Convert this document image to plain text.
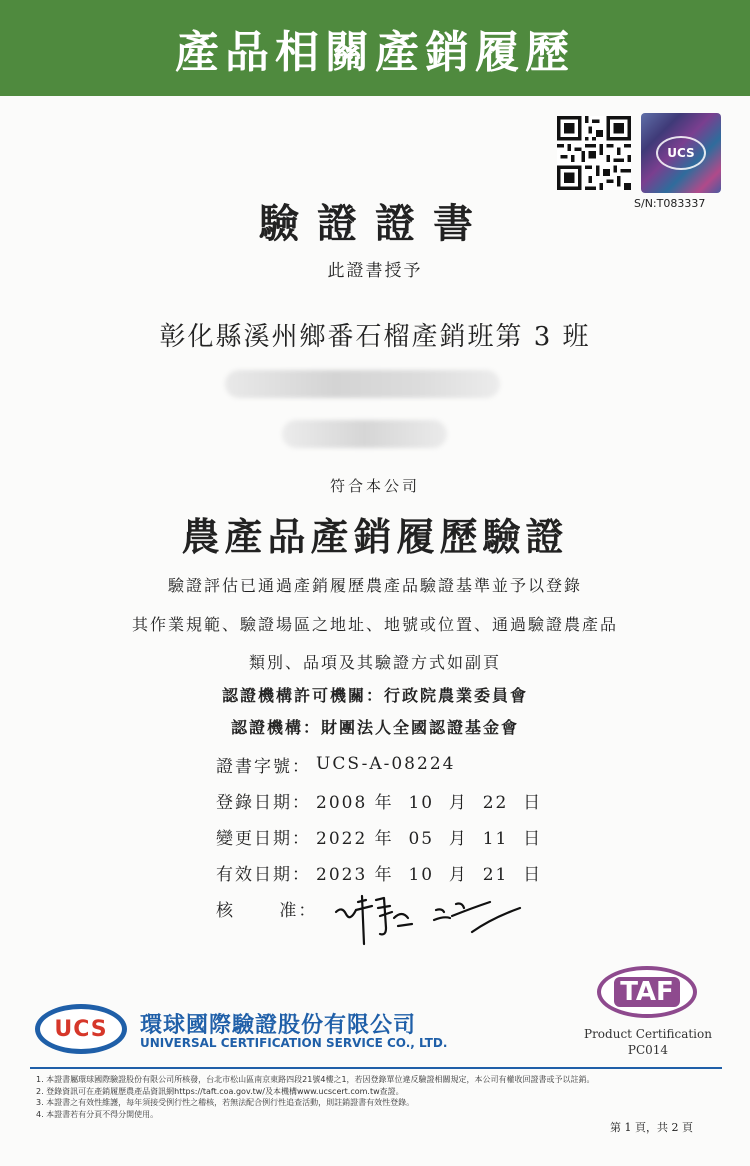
產品相關產銷履歷
UCS
S/N:T083337
驗證證書
此證書授予
彰化縣溪州鄉番石榴產銷班第 3 班
符合本公司
農產品產銷履歷驗證
驗證評估已通過產銷履歷農產品驗證基準並予以登錄
其作業規範、驗證場區之地址、地號或位置、通過驗證農產品
類別、品項及其驗證方式如副頁
認證機構許可機關：行政院農業委員會
認證機構：財團法人全國認證基金會
證書字號： UCS-A-08224
登錄日期： 2008 年  10  月  22  日
變更日期： 2022 年  05  月  11  日
有效日期： 2023 年  10  月  21  日
核      准：
UCS 環球國際驗證股份有限公司
UNIVERSAL CERTIFICATION SERVICE CO., LTD.
TAF
Product Certification
PC014
1. 本證書屬環球國際驗證股份有限公司所核發，台北市松山區南京東路四段21號4樓之1，若因登錄單位違反驗證相關規定，本公司有權收回證書或予以註銷。
2. 登錄資訊可在產銷履歷農產品資訊網https://taft.coa.gov.tw/及本機構www.ucscert.com.tw查證。
3. 本證書之有效性維護，每年須接受例行性之稽核，若無法配合例行性追查活動，則註銷證書有效性登錄。
4. 本證書若有分頁不得分開使用。
第 1 頁，共 2 頁
